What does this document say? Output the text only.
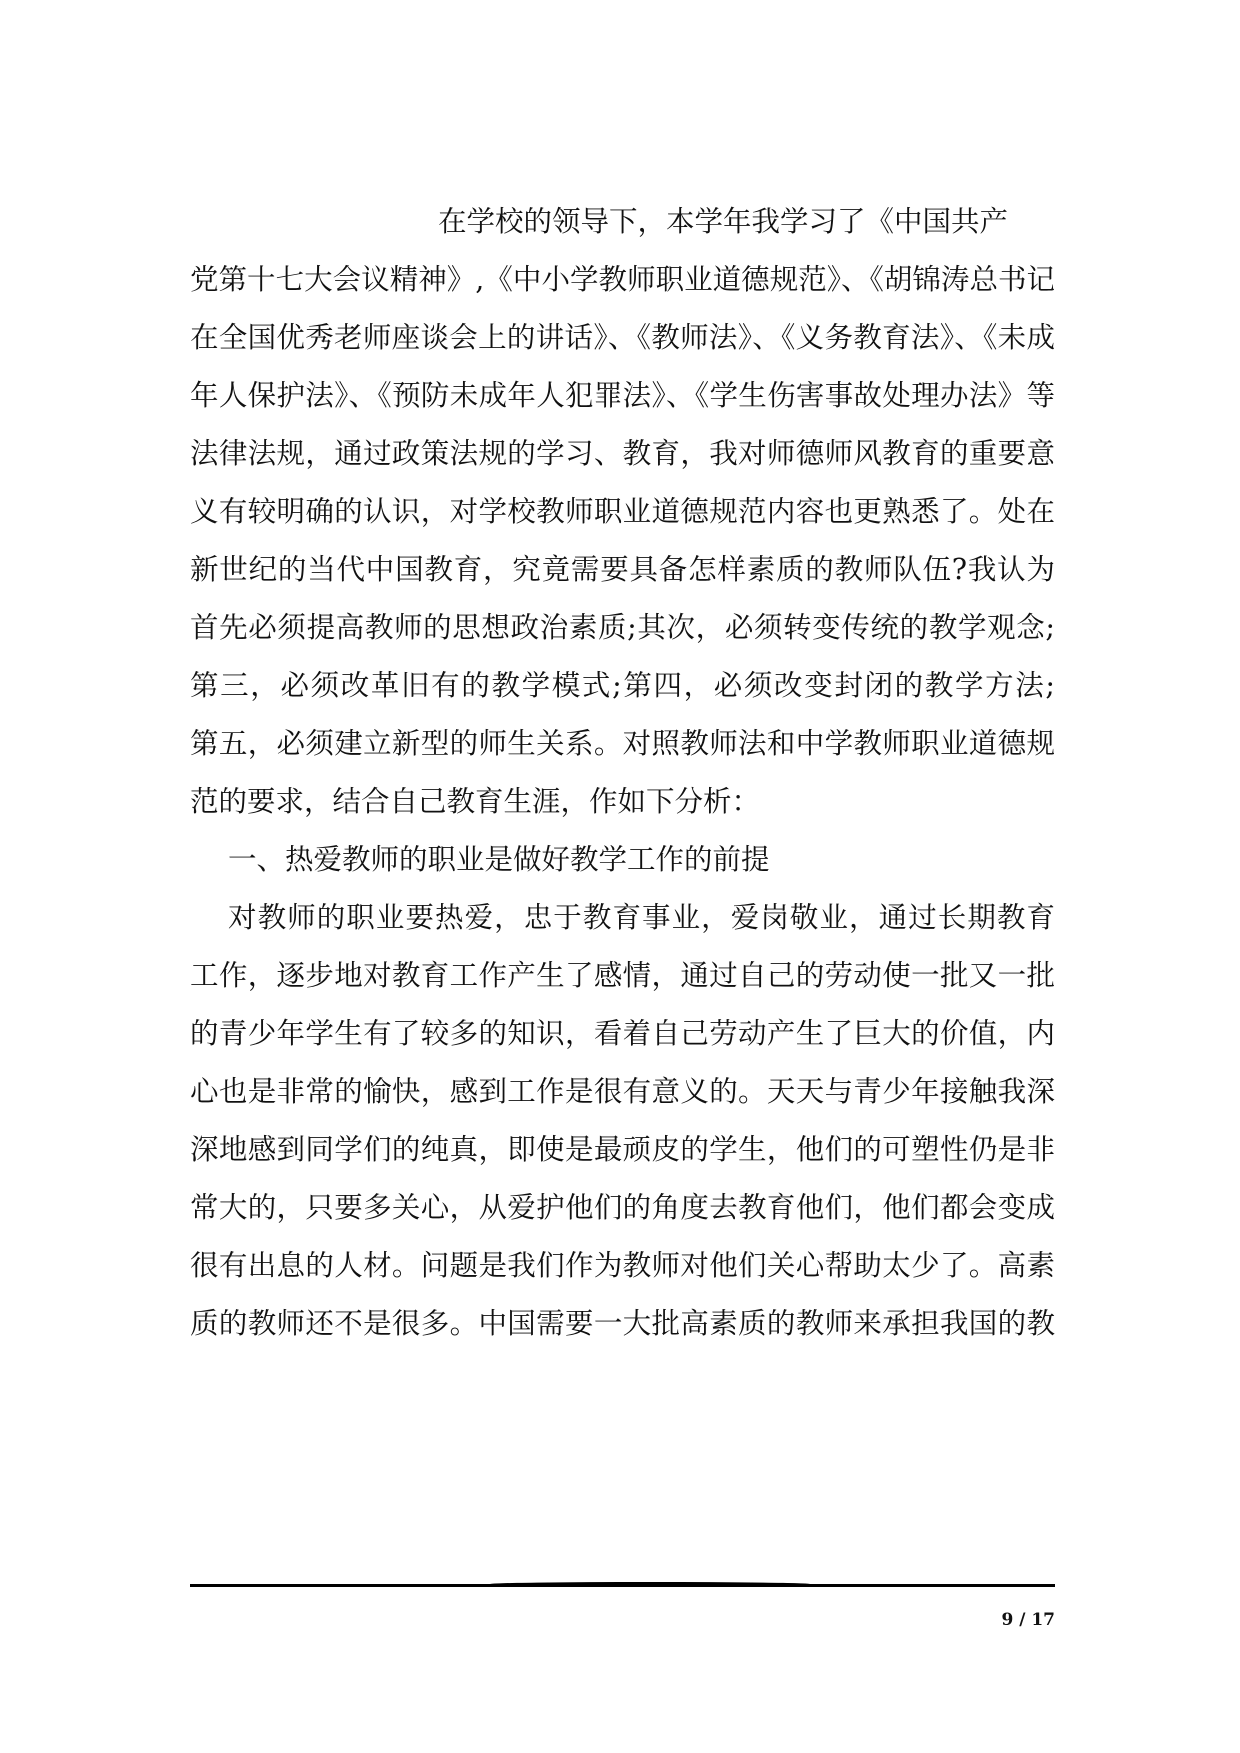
在学校的领导下，本学年我学习了《中国共产
党第十七大会议精神》,《中小学教师职业道德规范》、《胡锦涛总书记
在全国优秀老师座谈会上的讲话》、《教师法》、《义务教育法》、《未成
年人保护法》、《预防未成年人犯罪法》、《学生伤害事故处理办法》等
法律法规，通过政策法规的学习、教育，我对师德师风教育的重要意
义有较明确的认识，对学校教师职业道德规范内容也更熟悉了。处在
新世纪的当代中国教育，究竟需要具备怎样素质的教师队伍?我认为
首先必须提高教师的思想政治素质;其次，必须转变传统的教学观念;
第三，必须改革旧有的教学模式;第四，必须改变封闭的教学方法;
第五，必须建立新型的师生关系。对照教师法和中学教师职业道德规
范的要求，结合自己教育生涯，作如下分析：
一、热爱教师的职业是做好教学工作的前提
对教师的职业要热爱，忠于教育事业，爱岗敬业，通过长期教育
工作，逐步地对教育工作产生了感情，通过自己的劳动使一批又一批
的青少年学生有了较多的知识，看着自己劳动产生了巨大的价值，内
心也是非常的愉快，感到工作是很有意义的。天天与青少年接触我深
深地感到同学们的纯真，即使是最顽皮的学生，他们的可塑性仍是非
常大的，只要多关心，从爱护他们的角度去教育他们，他们都会变成
很有出息的人材。问题是我们作为教师对他们关心帮助太少了。高素
质的教师还不是很多。中国需要一大批高素质的教师来承担我国的教
9 / 17
